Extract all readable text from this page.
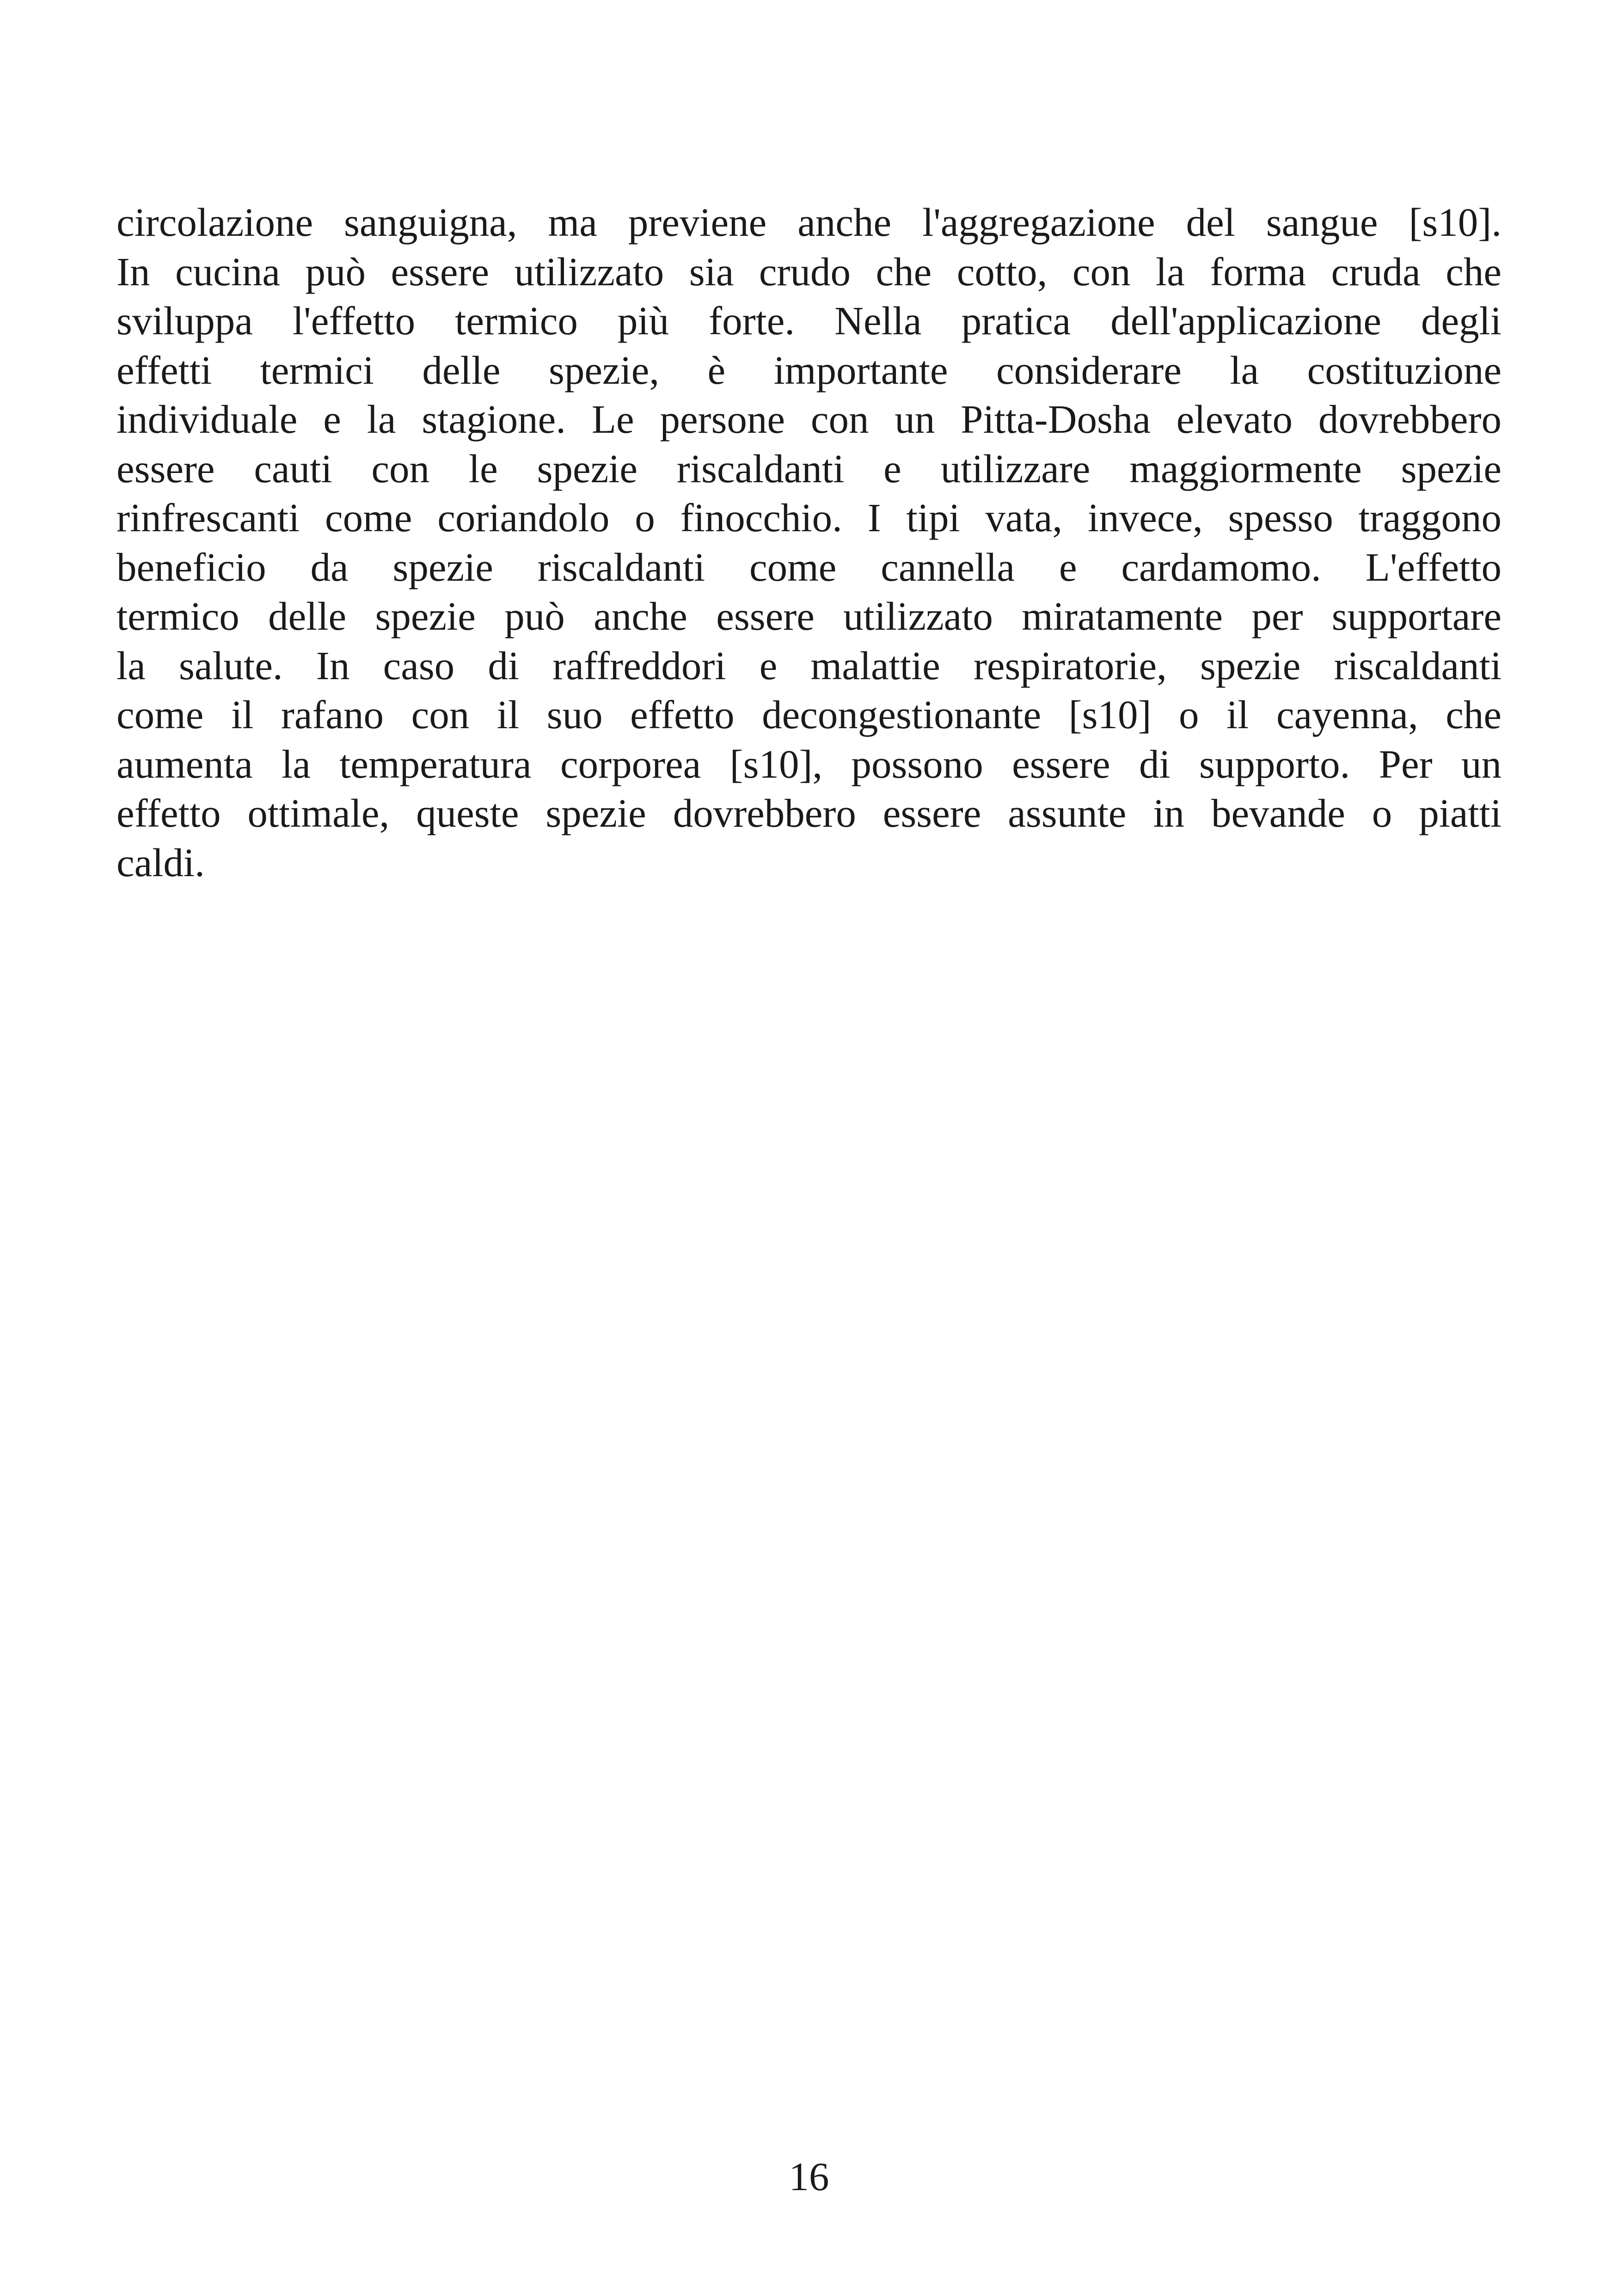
circolazione sanguigna, ma previene anche l'aggregazione del sangue [s10].
In cucina può essere utilizzato sia crudo che cotto, con la forma cruda che
sviluppa l'effetto termico più forte. Nella pratica dell'applicazione degli
effetti termici delle spezie, è importante considerare la costituzione
individuale e la stagione. Le persone con un Pitta-Dosha elevato dovrebbero
essere cauti con le spezie riscaldanti e utilizzare maggiormente spezie
rinfrescanti come coriandolo o finocchio. I tipi vata, invece, spesso traggono
beneficio da spezie riscaldanti come cannella e cardamomo. L'effetto
termico delle spezie può anche essere utilizzato miratamente per supportare
la salute. In caso di raffreddori e malattie respiratorie, spezie riscaldanti
come il rafano con il suo effetto decongestionante [s10] o il cayenna, che
aumenta la temperatura corporea [s10], possono essere di supporto. Per un
effetto ottimale, queste spezie dovrebbero essere assunte in bevande o piatti
caldi.

16
